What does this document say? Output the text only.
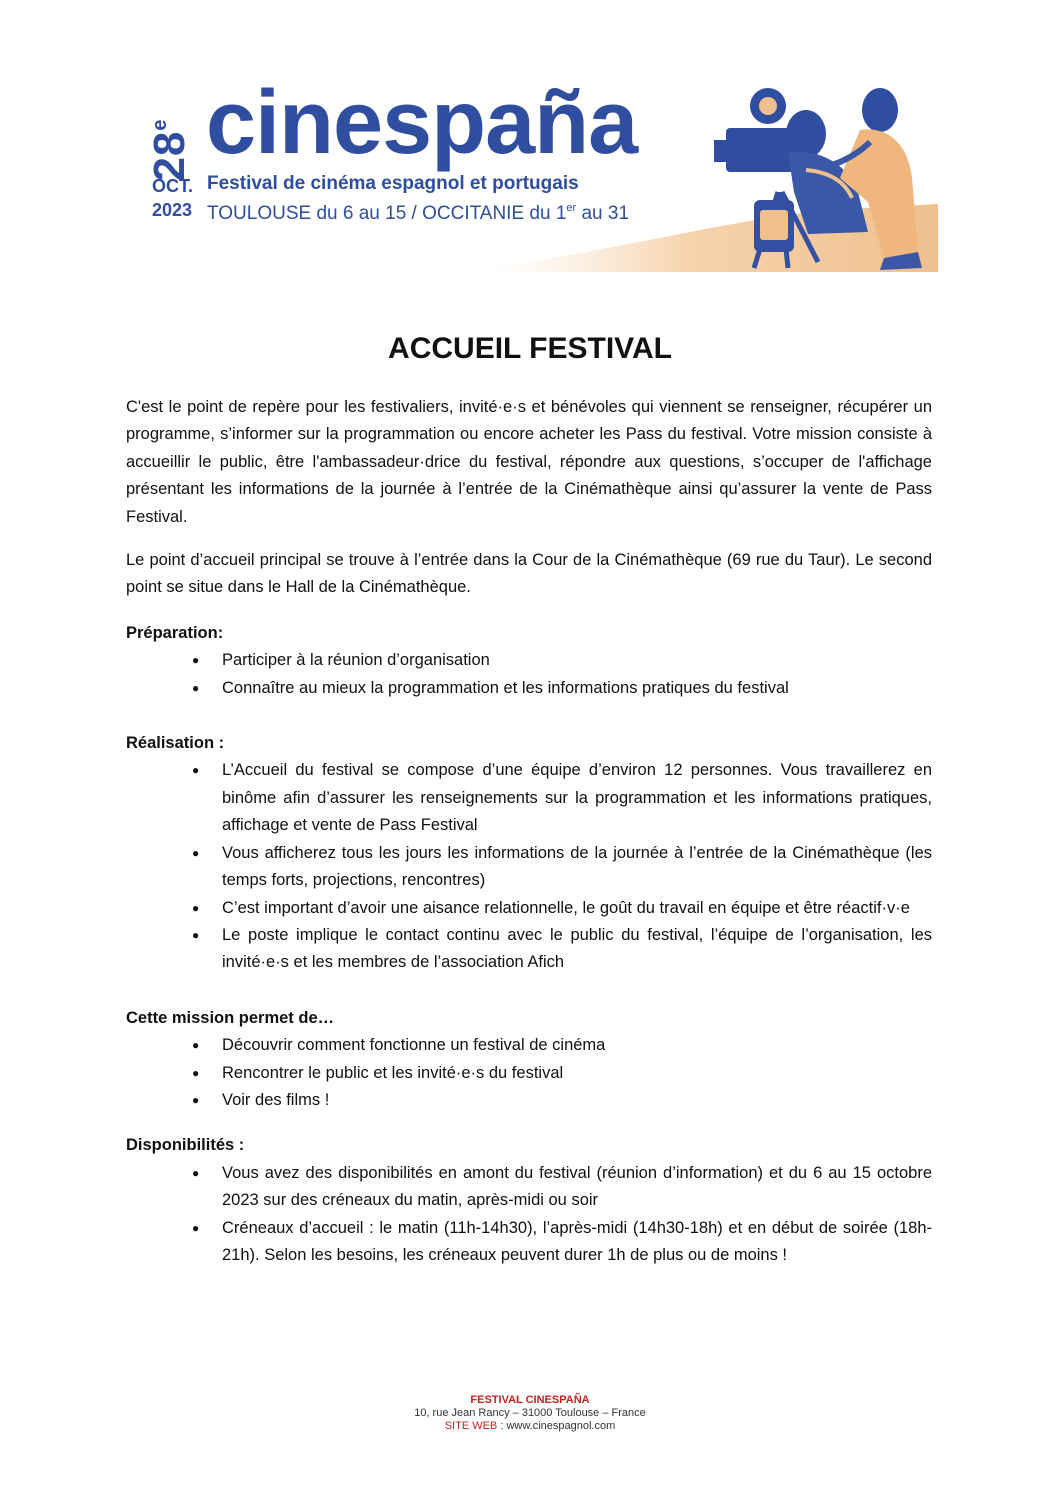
28e cinespaña
OCT.
2023
Festival de cinéma espagnol et portugais
TOULOUSE du 6 au 15 / OCCITANIE du 1er au 31
ACCUEIL FESTIVAL

C'est le point de repère pour les festivaliers, invité·e·s et bénévoles qui viennent se renseigner, récupérer un programme, s’informer sur la programmation ou encore acheter les Pass du festival. Votre mission consiste à accueillir le public, être l'ambassadeur·drice du festival, répondre aux questions, s’occuper de l'affichage présentant les informations de la journée à l’entrée de la Cinémathèque ainsi qu’assurer la vente de Pass Festival.

Le point d’accueil principal se trouve à l’entrée dans la Cour de la Cinémathèque (69 rue du Taur). Le second point se situe dans le Hall de la Cinémathèque.

Préparation:
● Participer à la réunion d’organisation
● Connaître au mieux la programmation et les informations pratiques du festival
Réalisation :
● L’Accueil du festival se compose d’une équipe d’environ 12 personnes. Vous travaillerez en binôme afin d’assurer les renseignements sur la programmation et les informations pratiques, affichage et vente de Pass Festival
● Vous afficherez tous les jours les informations de la journée à l’entrée de la Cinémathèque (les temps forts, projections, rencontres)
● C’est important d’avoir une aisance relationnelle, le goût du travail en équipe et être réactif·v·e
● Le poste implique le contact continu avec le public du festival, l’équipe de l’organisation, les invité·e·s et les membres de l’association Afich
Cette mission permet de…
● Découvrir comment fonctionne un festival de cinéma
● Rencontrer le public et les invité·e·s du festival
● Voir des films !
Disponibilités :
● Vous avez des disponibilités en amont du festival (réunion d’information) et du 6 au 15 octobre 2023 sur des créneaux du matin, après-midi ou soir
● Créneaux d’accueil : le matin (11h-14h30), l’après-midi (14h30-18h) et en début de soirée (18h-21h). Selon les besoins, les créneaux peuvent durer 1h de plus ou de moins !
FESTIVAL CINESPAÑA
10, rue Jean Rancy – 31000 Toulouse – France
SITE WEB : www.cinespagnol.com
